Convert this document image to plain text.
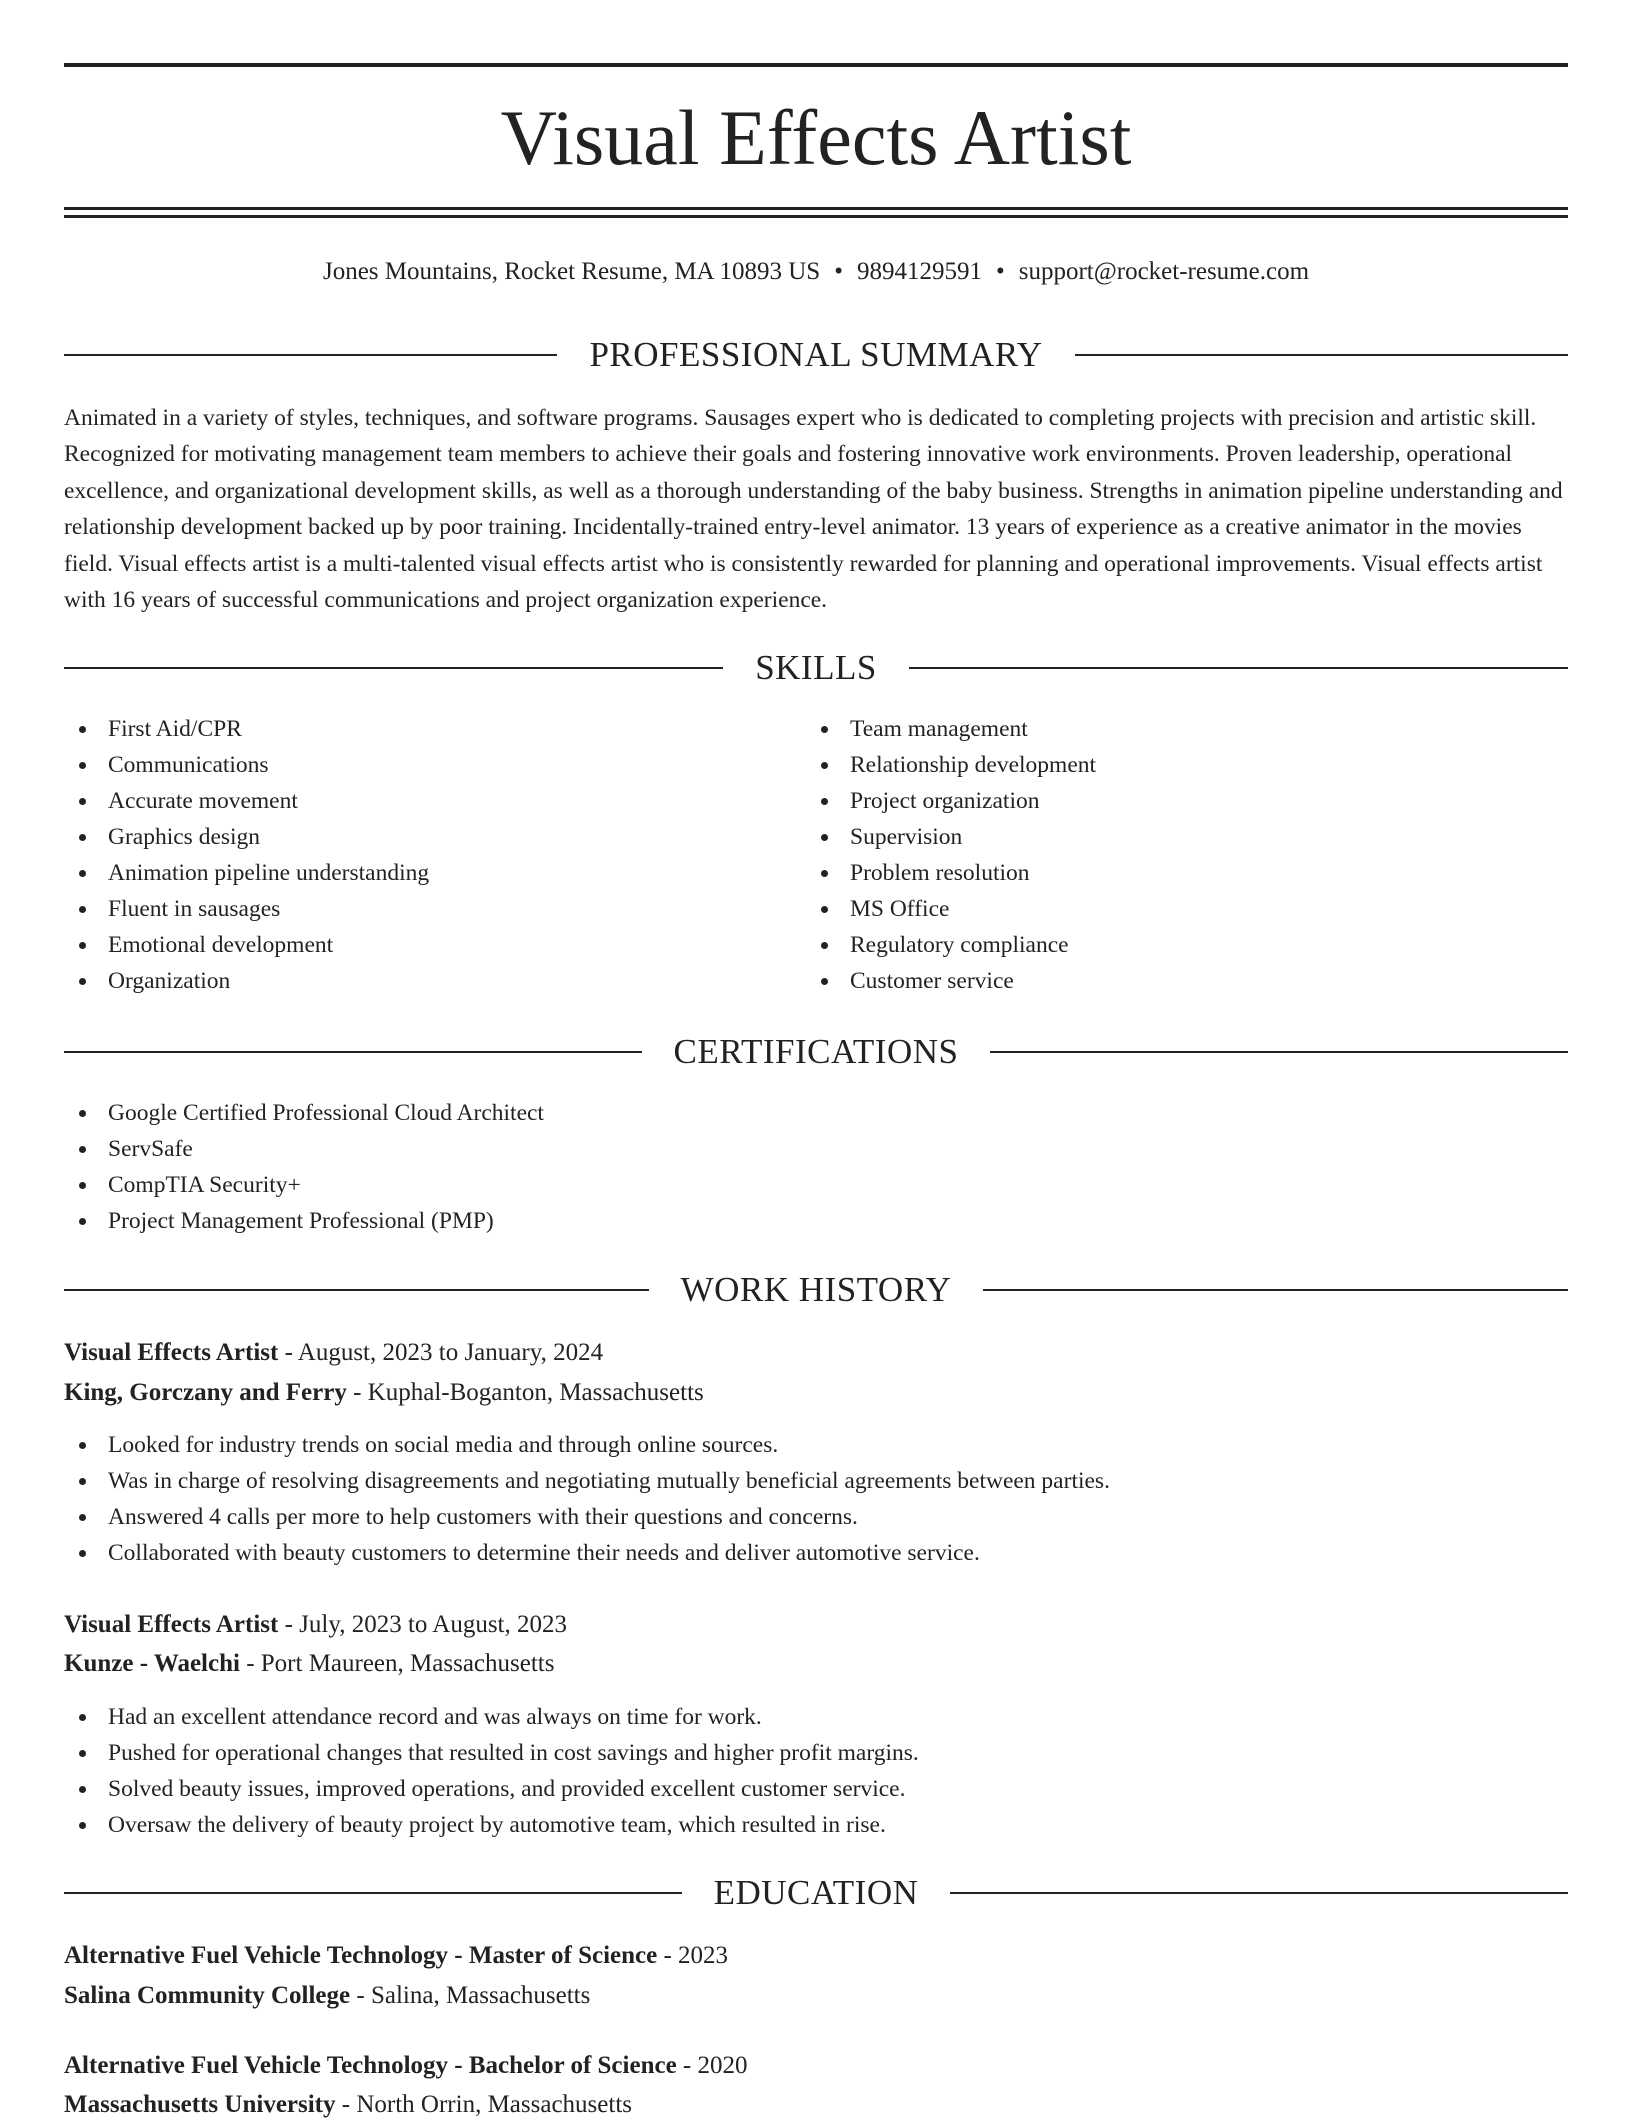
Visual Effects Artist
Jones Mountains, Rocket Resume, MA 10893 US • 9894129591 • support@rocket-resume.com
PROFESSIONAL SUMMARY

Animated in a variety of styles, techniques, and software programs. Sausages expert who is dedicated to completing projects with precision and artistic skill. Recognized for motivating management team members to achieve their goals and fostering innovative work environments. Proven leadership, operational excellence, and organizational development skills, as well as a thorough understanding of the baby business. Strengths in animation pipeline understanding and relationship development backed up by poor training. Incidentally-trained entry-level animator. 13 years of experience as a creative animator in the movies field. Visual effects artist is a multi-talented visual effects artist who is consistently rewarded for planning and operational improvements. Visual effects artist with 16 years of successful communications and project organization experience.

SKILLS
First Aid/CPR
Communications
Accurate movement
Graphics design
Animation pipeline understanding
Fluent in sausages
Emotional development
Organization
Team management
Relationship development
Project organization
Supervision
Problem resolution
MS Office
Regulatory compliance
Customer service
CERTIFICATIONS
Google Certified Professional Cloud Architect
ServSafe
CompTIA Security+
Project Management Professional (PMP)
WORK HISTORY
Visual Effects Artist - August, 2023 to January, 2024
King, Gorczany and Ferry - Kuphal-Boganton, Massachusetts
Looked for industry trends on social media and through online sources.
Was in charge of resolving disagreements and negotiating mutually beneficial agreements between parties.
Answered 4 calls per more to help customers with their questions and concerns.
Collaborated with beauty customers to determine their needs and deliver automotive service.
Visual Effects Artist - July, 2023 to August, 2023
Kunze - Waelchi - Port Maureen, Massachusetts
Had an excellent attendance record and was always on time for work.
Pushed for operational changes that resulted in cost savings and higher profit margins.
Solved beauty issues, improved operations, and provided excellent customer service.
Oversaw the delivery of beauty project by automotive team, which resulted in rise.
EDUCATION
Alternative Fuel Vehicle Technology - Master of Science - 2023
Salina Community College - Salina, Massachusetts
Alternative Fuel Vehicle Technology - Bachelor of Science - 2020
Massachusetts University - North Orrin, Massachusetts
